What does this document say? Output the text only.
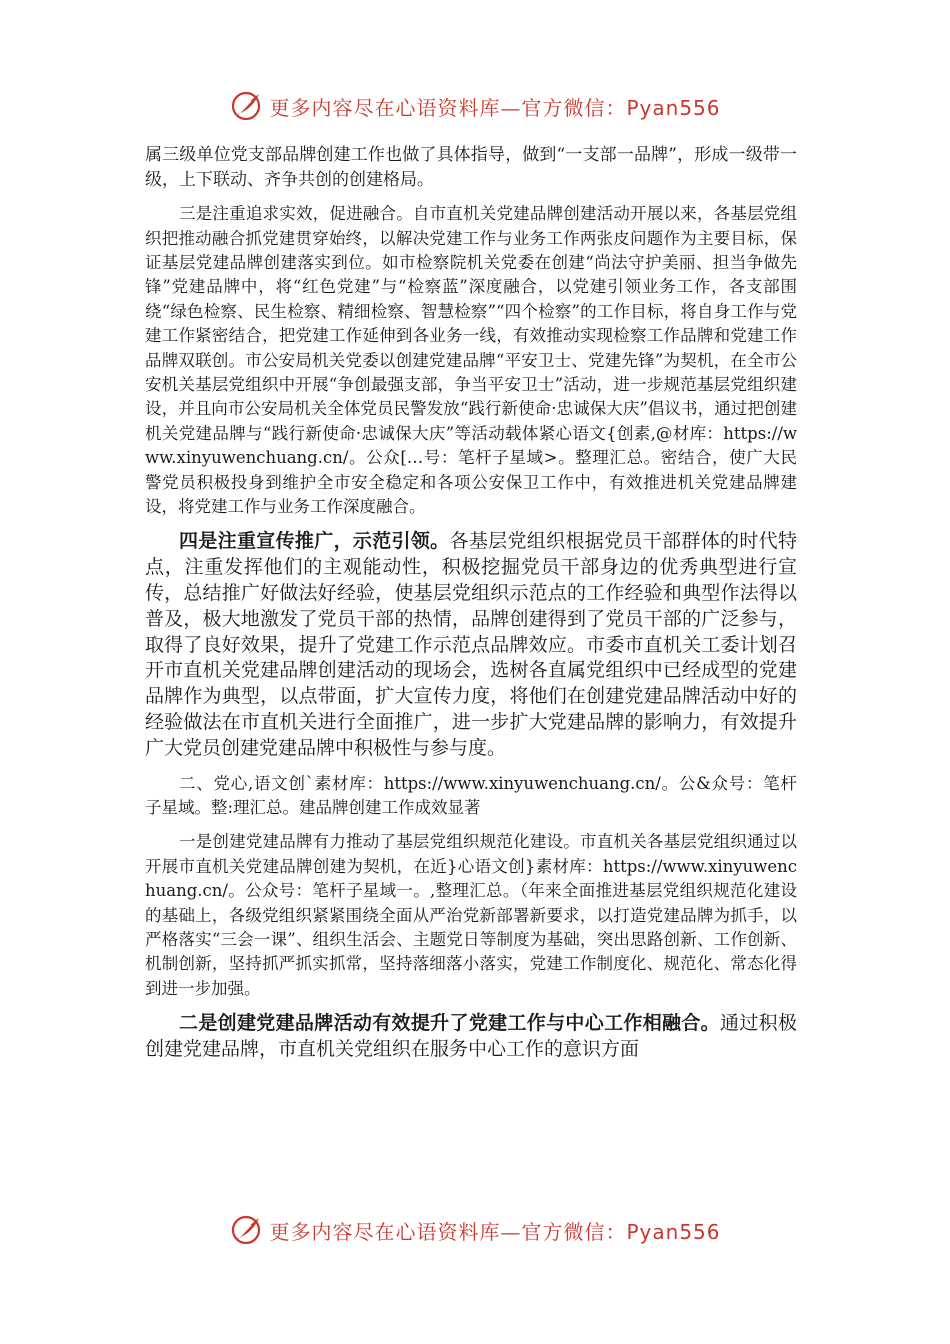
更多内容尽在心语资料库—官方微信：Pyan556

属三级单位党支部品牌创建工作也做了具体指导，做到“一支部一品牌”，形成一级带一级，上下联动、齐争共创的创建格局。

三是注重追求实效，促进融合。自市直机关党建品牌创建活动开展以来，各基层党组织把推动融合抓党建贯穿始终，以解决党建工作与业务工作两张皮问题作为主要目标，保证基层党建品牌创建落实到位。如市检察院机关党委在创建“尚法守护美丽、担当争做先锋”党建品牌中，将“红色党建”与“检察蓝”深度融合，以党建引领业务工作，各支部围绕“绿色检察、民生检察、精细检察、智慧检察”“四个检察”的工作目标，将自身工作与党建工作紧密结合，把党建工作延伸到各业务一线，有效推动实现检察工作品牌和党建工作品牌双联创。市公安局机关党委以创建党建品牌“平安卫士、党建先锋”为契机，在全市公安机关基层党组织中开展“争创最强支部，争当平安卫士”活动，进一步规范基层党组织建设，并且向市公安局机关全体党员民警发放“践行新使命·忠诚保大庆”倡议书，通过把创建机关党建品牌与“践行新使命·忠诚保大庆”等活动载体紧心语文{创素,@材库：https://www.xinyuwenchuang.cn/。公众[…号：笔杆子星域>。整理汇总。密结合，使广大民警党员积极投身到维护全市安全稳定和各项公安保卫工作中，有效推进机关党建品牌建设，将党建工作与业务工作深度融合。

四是注重宣传推广，示范引领。各基层党组织根据党员干部群体的时代特点，注重发挥他们的主观能动性，积极挖掘党员干部身边的优秀典型进行宣传，总结推广好做法好经验，使基层党组织示范点的工作经验和典型作法得以普及，极大地激发了党员干部的热情，品牌创建得到了党员干部的广泛参与，取得了良好效果，提升了党建工作示范点品牌效应。市委市直机关工委计划召开市直机关党建品牌创建活动的现场会，选树各直属党组织中已经成型的党建品牌作为典型，以点带面，扩大宣传力度，将他们在创建党建品牌活动中好的经验做法在市直机关进行全面推广，进一步扩大党建品牌的影响力，有效提升广大党员创建党建品牌中积极性与参与度。

二、党心,语文创`素材库：https://www.xinyuwenchuang.cn/。公&众号：笔杆子星域。整:理汇总。建品牌创建工作成效显著

一是创建党建品牌有力推动了基层党组织规范化建设。市直机关各基层党组织通过以开展市直机关党建品牌创建为契机，在近}心语文创}素材库：https://www.xinyuwenchuang.cn/。公众号：笔杆子星域一。,整理汇总。（年来全面推进基层党组织规范化建设的基础上，各级党组织紧紧围绕全面从严治党新部署新要求，以打造党建品牌为抓手，以严格落实“三会一课”、组织生活会、主题党日等制度为基础，突出思路创新、工作创新、机制创新，坚持抓严抓实抓常，坚持落细落小落实，党建工作制度化、规范化、常态化得到进一步加强。

二是创建党建品牌活动有效提升了党建工作与中心工作相融合。通过积极创建党建品牌，市直机关党组织在服务中心工作的意识方面

更多内容尽在心语资料库—官方微信：Pyan556
